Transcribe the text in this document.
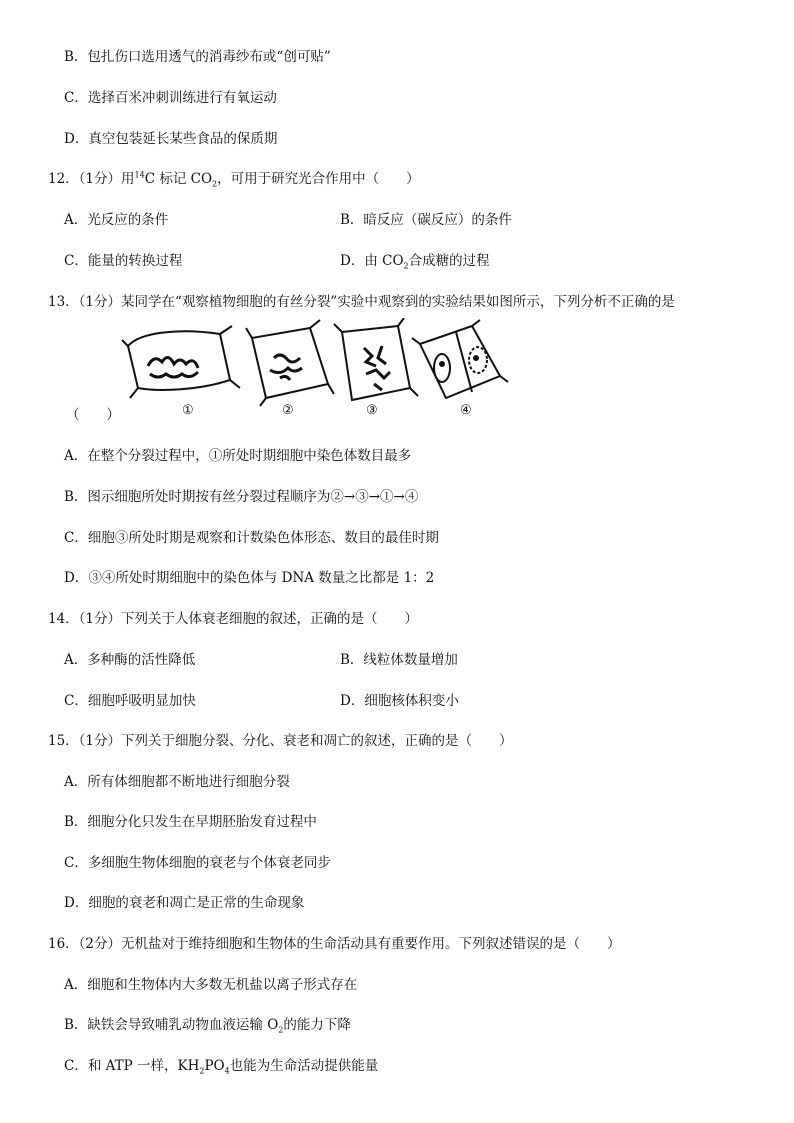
B．包扎伤口选用透气的消毒纱布或“创可贴”
C．选择百米冲刺训练进行有氧运动
D．真空包装延长某些食品的保质期
12．（1分）用$^{14}$C 标记 $CO_2$，可用于研究光合作用中（　　）
A．光反应的条件	B．暗反应（碳反应）的条件
C．能量的转换过程	D．由 $CO_2$合成糖的过程
13．（1分）某同学在“观察植物细胞的有丝分裂”实验中观察到的实验结果如图所示，下列分析不正确的是
①	②	③	④
（　　）
A．在整个分裂过程中，①所处时期细胞中染色体数目最多
B．图示细胞所处时期按有丝分裂过程顺序为②→③→①→④
C．细胞③所处时期是观察和计数染色体形态、数目的最佳时期
D．③④所处时期细胞中的染色体与 DNA 数量之比都是 1：2
14．（1分）下列关于人体衰老细胞的叙述，正确的是（　　）
A．多种酶的活性降低	B．线粒体数量增加
C．细胞呼吸明显加快	D．细胞核体积变小
15．（1分）下列关于细胞分裂、分化、衰老和凋亡的叙述，正确的是（　　）
A．所有体细胞都不断地进行细胞分裂
B．细胞分化只发生在早期胚胎发育过程中
C．多细胞生物体细胞的衰老与个体衰老同步
D．细胞的衰老和凋亡是正常的生命现象
16．（2分）无机盐对于维持细胞和生物体的生命活动具有重要作用。下列叙述错误的是（　　）
A．细胞和生物体内大多数无机盐以离子形式存在
B．缺铁会导致哺乳动物血液运输 $O_2$的能力下降
C．和 ATP 一样，$KH_2PO_4$也能为生命活动提供能量
